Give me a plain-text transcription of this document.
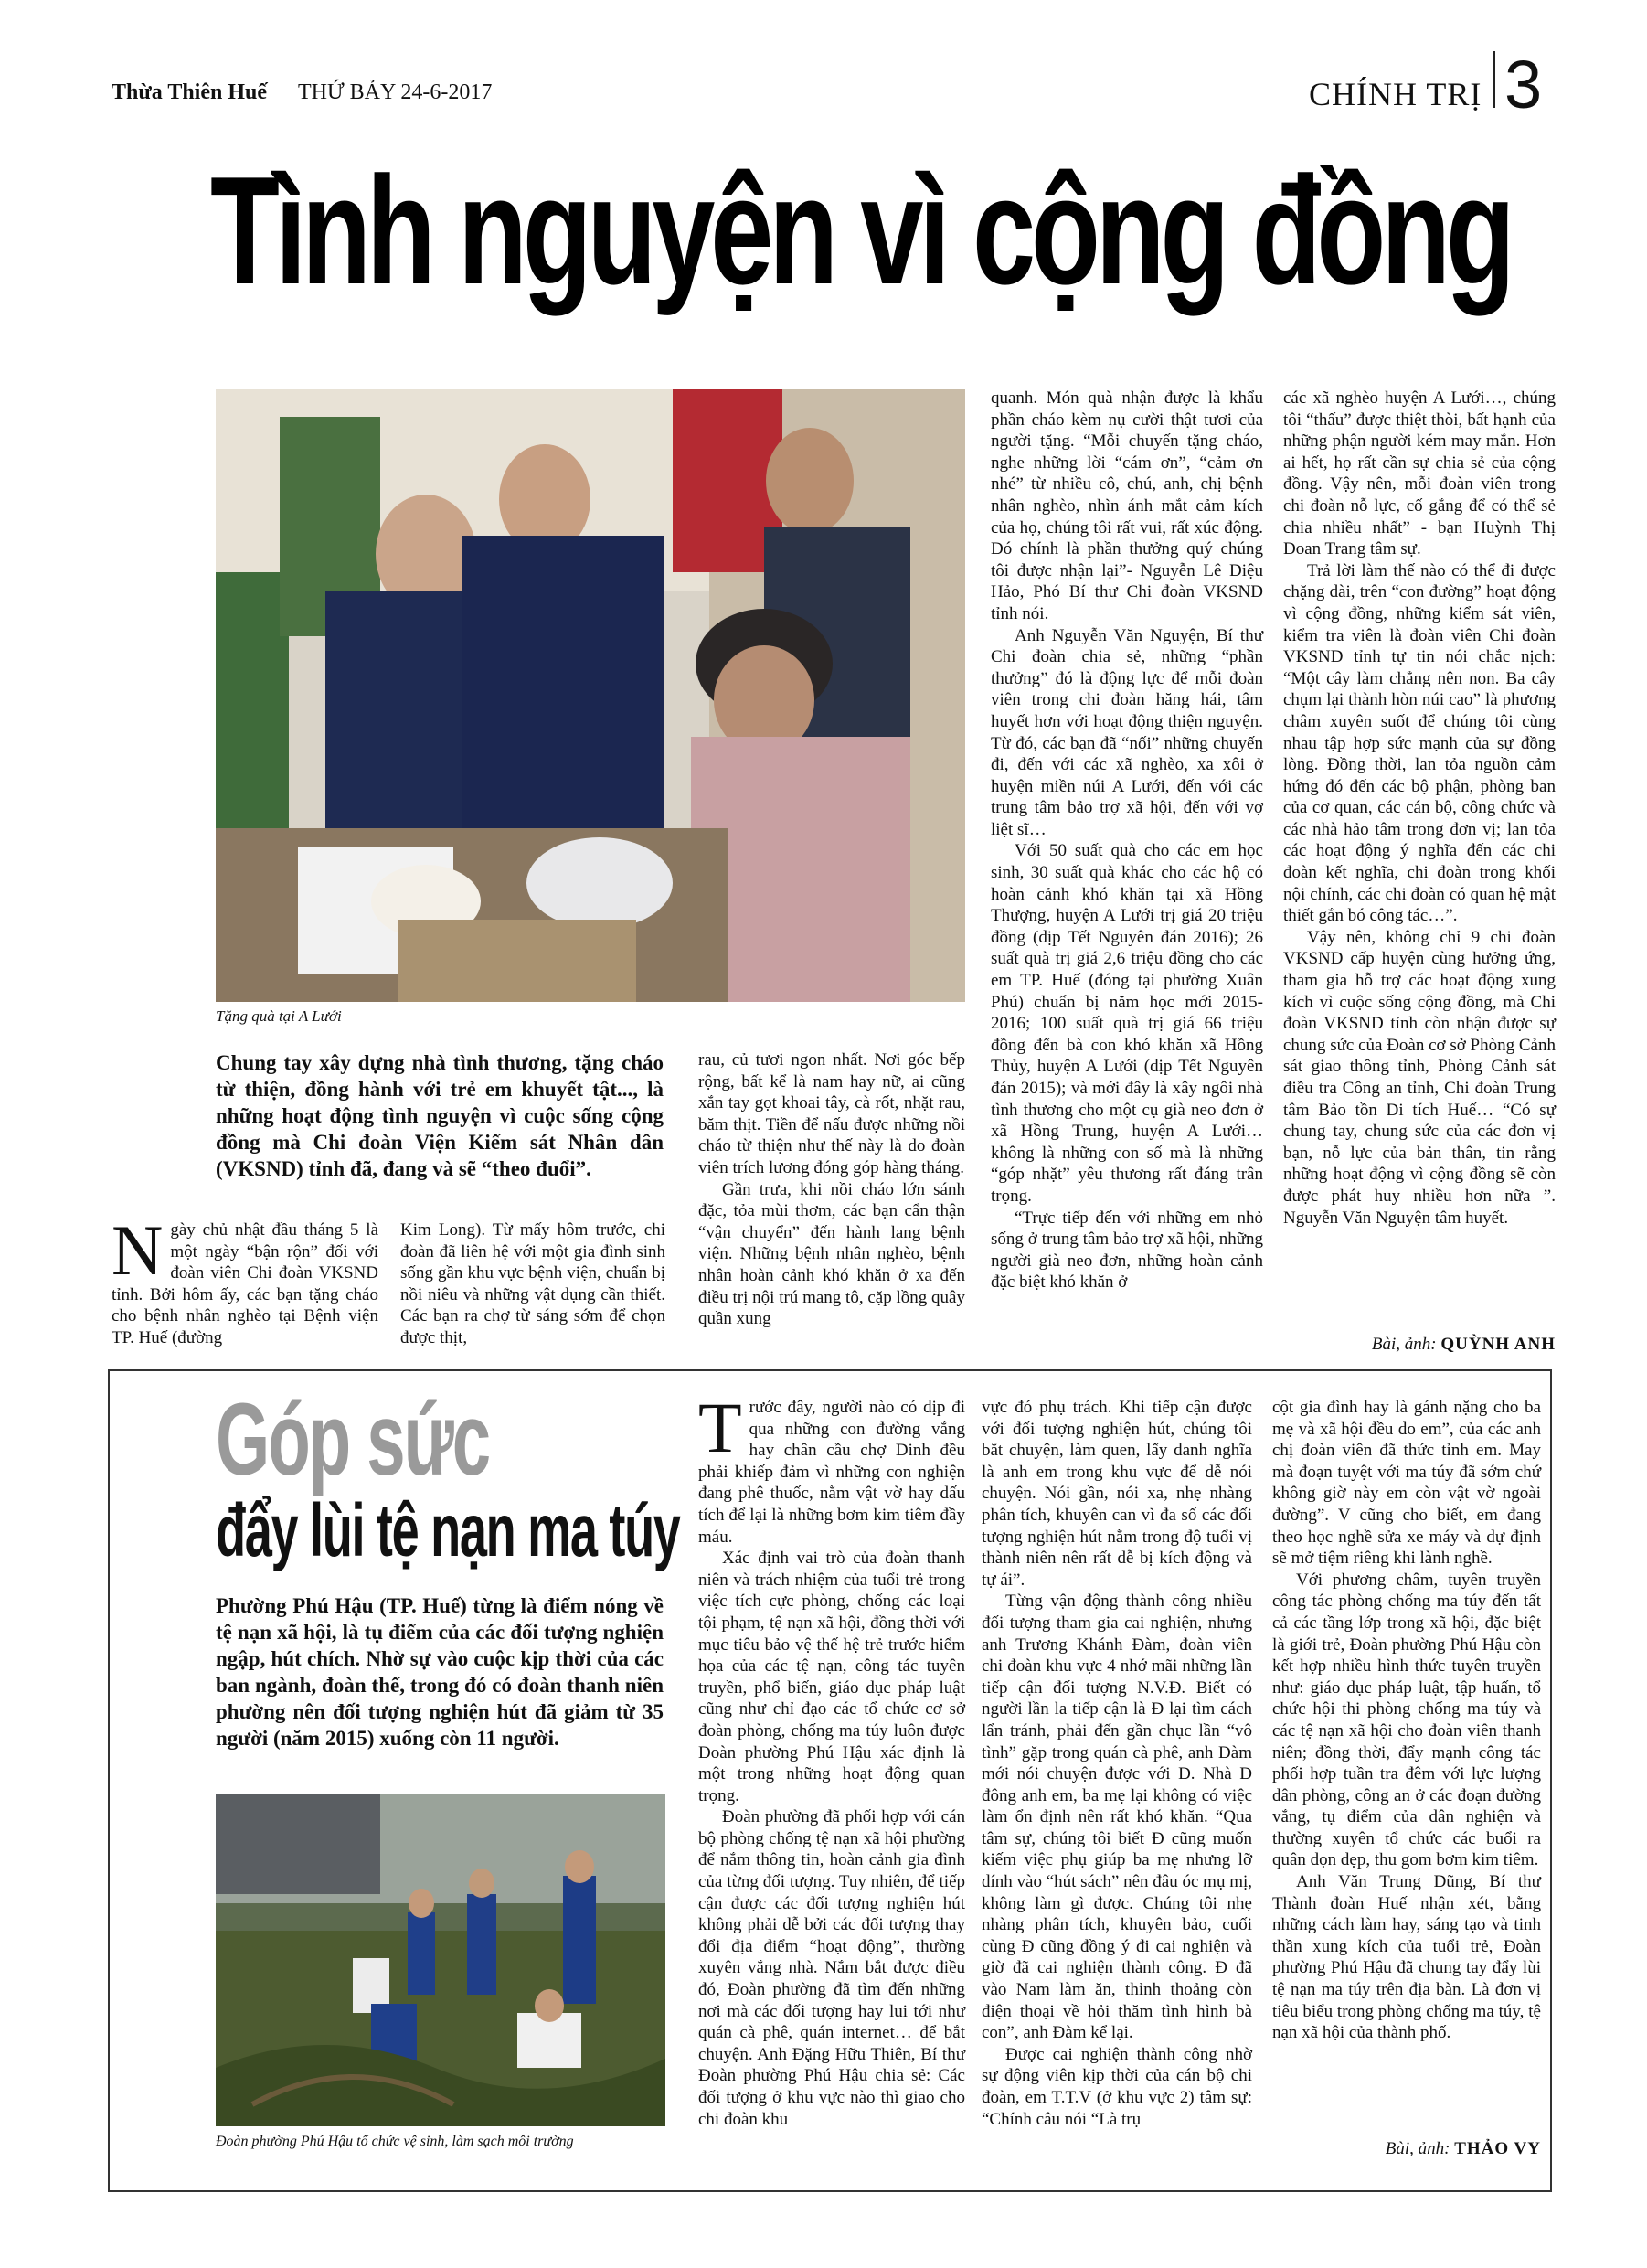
Thừa Thiên Huế THỨ BẢY 24-6-2017	CHÍNH TRỊ 3
Tình nguyện vì cộng đồng
Tặng quà tại A Lưới
Chung tay xây dựng nhà tình thương, tặng cháo từ thiện, đồng hành với trẻ em khuyết tật..., là những hoạt động tình nguyện vì cuộc sống cộng đồng mà Chi đoàn Viện Kiểm sát Nhân dân (VKSND) tỉnh đã, đang và sẽ “theo đuổi”.

Ngày chủ nhật đầu tháng 5 là một ngày “bận rộn” đối với đoàn viên Chi đoàn VKSND tỉnh. Bởi hôm ấy, các bạn tặng cháo cho bệnh nhân nghèo tại Bệnh viện TP. Huế (đường

Kim Long). Từ mấy hôm trước, chi đoàn đã liên hệ với một gia đình sinh sống gần khu vực bệnh viện, chuẩn bị nồi niêu và những vật dụng cần thiết. Các bạn ra chợ từ sáng sớm để chọn được thịt,

rau, củ tươi ngon nhất. Nơi góc bếp rộng, bất kể là nam hay nữ, ai cũng xắn tay gọt khoai tây, cà rốt, nhặt rau, băm thịt. Tiền để nấu được những nồi cháo từ thiện như thế này là do đoàn viên trích lương đóng góp hàng tháng.

Gần trưa, khi nồi cháo lớn sánh đặc, tỏa mùi thơm, các bạn cẩn thận “vận chuyển” đến hành lang bệnh viện. Những bệnh nhân nghèo, bệnh nhân hoàn cảnh khó khăn ở xa đến điều trị nội trú mang tô, cặp lồng quây quần xung

quanh. Món quà nhận được là khẩu phần cháo kèm nụ cười thật tươi của người tặng. “Mỗi chuyến tặng cháo, nghe những lời “cám ơn”, “cảm ơn nhé” từ nhiều cô, chú, anh, chị bệnh nhân nghèo, nhìn ánh mắt cảm kích của họ, chúng tôi rất vui, rất xúc động. Đó chính là phần thưởng quý chúng tôi được nhận lại”- Nguyễn Lê Diệu Hảo, Phó Bí thư Chi đoàn VKSND tỉnh nói.

Anh Nguyễn Văn Nguyện, Bí thư Chi đoàn chia sẻ, những “phần thưởng” đó là động lực để mỗi đoàn viên trong chi đoàn hăng hái, tâm huyết hơn với hoạt động thiện nguyện. Từ đó, các bạn đã “nối” những chuyến đi, đến với các xã nghèo, xa xôi ở huyện miền núi A Lưới, đến với các trung tâm bảo trợ xã hội, đến với vợ liệt sĩ…

Với 50 suất quà cho các em học sinh, 30 suất quà khác cho các hộ có hoàn cảnh khó khăn tại xã Hồng Thượng, huyện A Lưới trị giá 20 triệu đồng (dịp Tết Nguyên đán 2016); 26 suất quà trị giá 2,6 triệu đồng cho các em TP. Huế (đóng tại phường Xuân Phú) chuẩn bị năm học mới 2015-2016; 100 suất quà trị giá 66 triệu đồng đến bà con khó khăn xã Hồng Thủy, huyện A Lưới (dịp Tết Nguyên đán 2015); và mới đây là xây ngôi nhà tình thương cho một cụ già neo đơn ở xã Hồng Trung, huyện A Lưới… không là những con số mà là những “góp nhặt” yêu thương rất đáng trân trọng.

“Trực tiếp đến với những em nhỏ sống ở trung tâm bảo trợ xã hội, những người già neo đơn, những hoàn cảnh đặc biệt khó khăn ở

các xã nghèo huyện A Lưới…, chúng tôi “thấu” được thiệt thòi, bất hạnh của những phận người kém may mắn. Hơn ai hết, họ rất cần sự chia sẻ của cộng đồng. Vậy nên, mỗi đoàn viên trong chi đoàn nỗ lực, cố gắng để có thể sẻ chia nhiều nhất” - bạn Huỳnh Thị Đoan Trang tâm sự.

Trả lời làm thế nào có thể đi được chặng dài, trên “con đường” hoạt động vì cộng đồng, những kiểm sát viên, kiểm tra viên là đoàn viên Chi đoàn VKSND tỉnh tự tin nói chắc nịch: “Một cây làm chẳng nên non. Ba cây chụm lại thành hòn núi cao” là phương châm xuyên suốt để chúng tôi cùng nhau tập hợp sức mạnh của sự đồng lòng. Đồng thời, lan tỏa nguồn cảm hứng đó đến các bộ phận, phòng ban của cơ quan, các cán bộ, công chức và các nhà hảo tâm trong đơn vị; lan tỏa các hoạt động ý nghĩa đến các chi đoàn kết nghĩa, chi đoàn trong khối nội chính, các chi đoàn có quan hệ mật thiết gắn bó công tác…”.

Vậy nên, không chỉ 9 chi đoàn VKSND cấp huyện cùng hưởng ứng, tham gia hỗ trợ các hoạt động xung kích vì cuộc sống cộng đồng, mà Chi đoàn VKSND tỉnh còn nhận được sự chung sức của Đoàn cơ sở Phòng Cảnh sát giao thông tỉnh, Phòng Cảnh sát điều tra Công an tỉnh, Chi đoàn Trung tâm Bảo tồn Di tích Huế… “Có sự chung tay, chung sức của các đơn vị bạn, nỗ lực của bản thân, tin rằng những hoạt động vì cộng đồng sẽ còn được phát huy nhiều hơn nữa ”. Nguyễn Văn Nguyện tâm huyết.

Bài, ảnh: QUỲNH ANH
Góp sức
đẩy lùi tệ nạn ma túy
Phường Phú Hậu (TP. Huế) từng là điểm nóng về tệ nạn xã hội, là tụ điểm của các đối tượng nghiện ngập, hút chích. Nhờ sự vào cuộc kịp thời của các ban ngành, đoàn thể, trong đó có đoàn thanh niên phường nên đối tượng nghiện hút đã giảm từ 35 người (năm 2015) xuống còn 11 người.
Đoàn phường Phú Hậu tổ chức vệ sinh, làm sạch môi trường

Trước đây, người nào có dịp đi qua những con đường vắng hay chân cầu chợ Dinh đều phải khiếp đảm vì những con nghiện đang phê thuốc, nằm vật vờ hay dấu tích để lại là những bơm kim tiêm đầy máu.

Xác định vai trò của đoàn thanh niên và trách nhiệm của tuổi trẻ trong việc tích cực phòng, chống các loại tội phạm, tệ nạn xã hội, đồng thời với mục tiêu bảo vệ thế hệ trẻ trước hiểm họa của các tệ nạn, công tác tuyên truyền, phổ biến, giáo dục pháp luật cũng như chỉ đạo các tổ chức cơ sở đoàn phòng, chống ma túy luôn được Đoàn phường Phú Hậu xác định là một trong những hoạt động quan trọng.

Đoàn phường đã phối hợp với cán bộ phòng chống tệ nạn xã hội phường để nắm thông tin, hoàn cảnh gia đình của từng đối tượng. Tuy nhiên, để tiếp cận được các đối tượng nghiện hút không phải dễ bởi các đối tượng thay đổi địa điểm “hoạt động”, thường xuyên vắng nhà. Nắm bắt được điều đó, Đoàn phường đã tìm đến những nơi mà các đối tượng hay lui tới như quán cà phê, quán internet… để bắt chuyện. Anh Đặng Hữu Thiên, Bí thư Đoàn phường Phú Hậu chia sẻ: Các đối tượng ở khu vực nào thì giao cho chi đoàn khu

vực đó phụ trách. Khi tiếp cận được với đối tượng nghiện hút, chúng tôi bắt chuyện, làm quen, lấy danh nghĩa là anh em trong khu vực để dễ nói chuyện. Nói gần, nói xa, nhẹ nhàng phân tích, khuyên can vì đa số các đối tượng nghiện hút nằm trong độ tuổi vị thành niên nên rất dễ bị kích động và tự ái”.

Từng vận động thành công nhiều đối tượng tham gia cai nghiện, nhưng anh Trương Khánh Đàm, đoàn viên chi đoàn khu vực 4 nhớ mãi những lần tiếp cận đối tượng N.V.Đ. Biết có người lần la tiếp cận là Đ lại tìm cách lẩn tránh, phải đến gần chục lần “vô tình” gặp trong quán cà phê, anh Đàm mới nói chuyện được với Đ. Nhà Đ đông anh em, ba mẹ lại không có việc làm ổn định nên rất khó khăn. “Qua tâm sự, chúng tôi biết Đ cũng muốn kiếm việc phụ giúp ba mẹ nhưng lỡ dính vào “hút sách” nên đâu óc mụ mị, không làm gì được. Chúng tôi nhẹ nhàng phân tích, khuyên bảo, cuối cùng Đ cũng đồng ý đi cai nghiện và giờ đã cai nghiện thành công. Đ đã vào Nam làm ăn, thỉnh thoảng còn điện thoại về hỏi thăm tình hình bà con”, anh Đàm kể lại.

Được cai nghiện thành công nhờ sự động viên kịp thời của cán bộ chi đoàn, em T.T.V (ở khu vực 2) tâm sự: “Chính câu nói “Là trụ

cột gia đình hay là gánh nặng cho ba mẹ và xã hội đều do em”, của các anh chị đoàn viên đã thức tỉnh em. May mà đoạn tuyệt với ma túy đã sớm chứ không giờ này em còn vật vờ ngoài đường”. V cũng cho biết, em đang theo học nghề sửa xe máy và dự định sẽ mở tiệm riêng khi lành nghề.

Với phương châm, tuyên truyền công tác phòng chống ma túy đến tất cả các tầng lớp trong xã hội, đặc biệt là giới trẻ, Đoàn phường Phú Hậu còn kết hợp nhiều hình thức tuyên truyền như: giáo dục pháp luật, tập huấn, tổ chức hội thi phòng chống ma túy và các tệ nạn xã hội cho đoàn viên thanh niên; đồng thời, đẩy mạnh công tác phối hợp tuần tra đêm với lực lượng dân phòng, công an ở các đoạn đường vắng, tụ điểm của dân nghiện và thường xuyên tổ chức các buổi ra quân dọn dẹp, thu gom bơm kim tiêm.

Anh Văn Trung Dũng, Bí thư Thành đoàn Huế nhận xét, bằng những cách làm hay, sáng tạo và tinh thần xung kích của tuổi trẻ, Đoàn phường Phú Hậu đã chung tay đẩy lùi tệ nạn ma túy trên địa bàn. Là đơn vị tiêu biểu trong phòng chống ma túy, tệ nạn xã hội của thành phố.

Bài, ảnh: THẢO VY
